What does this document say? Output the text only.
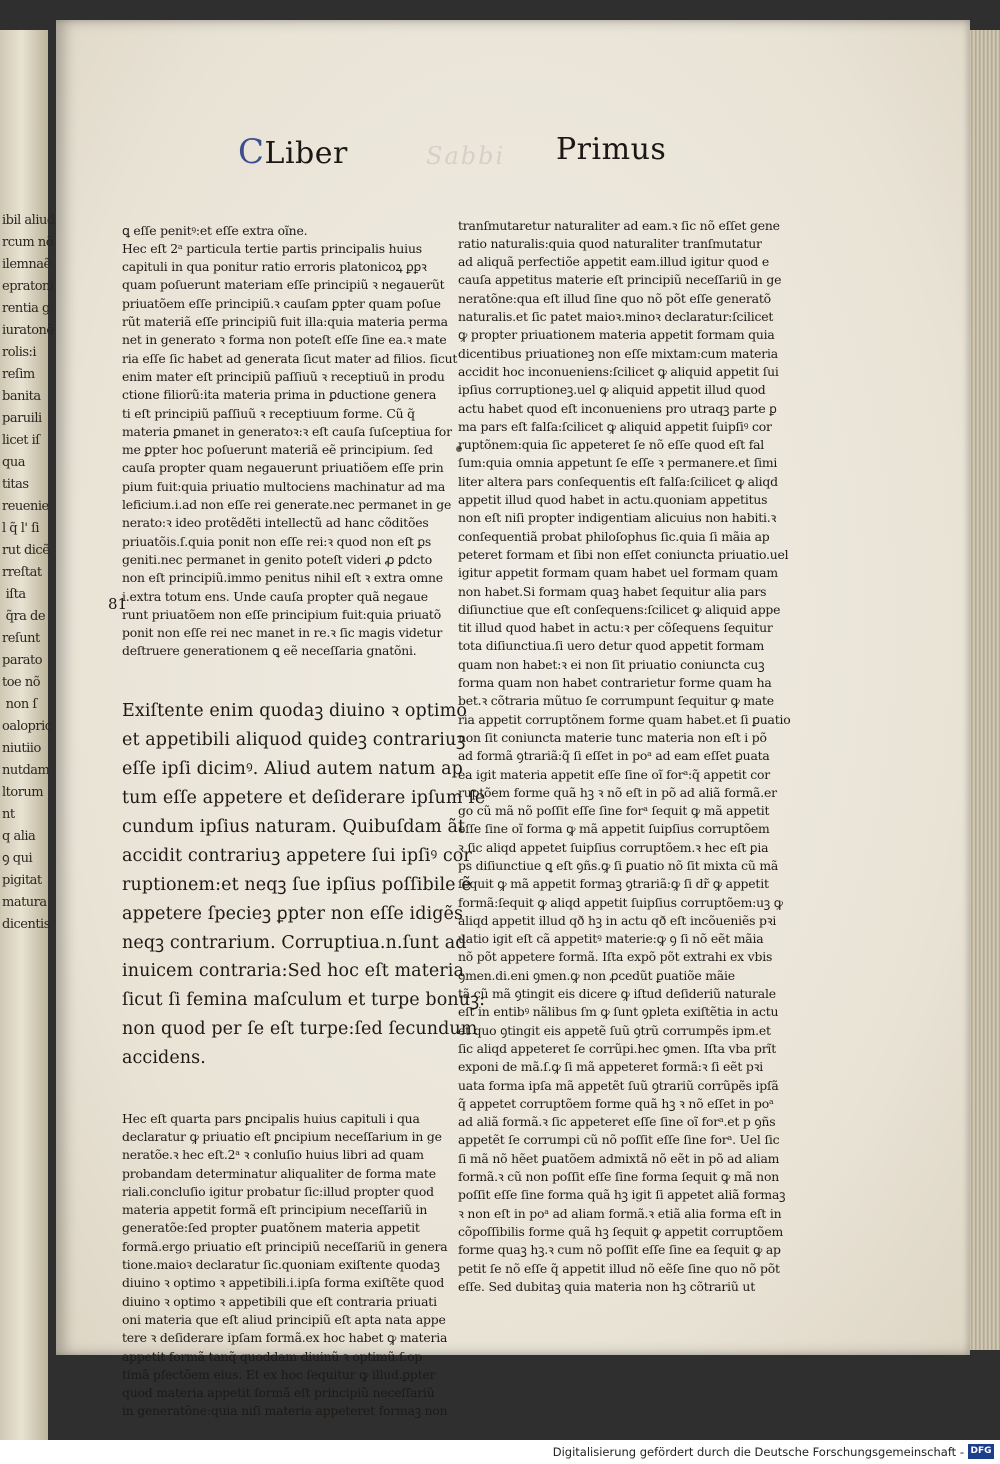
ibil aliud
rcum nõ
ilemnaẽ
epratoni
rentia g
iuratonẽ
rolis:i
reſim
banita
paruili
licet iſ
qua
titas
reuenie
l q̃ l' ſi
rut dicẽ
rreſtat
iſta
q̃ra de
reſunt
parato
toe nõ
non ſ
oalopric
niutiio
nutdam
ltorum
nt
q alia
ꝯ qui
pigitat
matura
dicentis
CLiber	Sabbi Primus
81

ꝗ eſſe penitꝰ:et eſſe extra oĩne.
Hec eſt 2ᵃ particula tertie partis principalis huius
capituli in qua ponitur ratio erroris platonicoꝝ ꝑꝑꝛ
quam poſuerunt materiam eſſe principiũ ꝛ negauerũt
priuatõem eſſe principiũ.ꝛ cauſam ꝑpter quam poſue
rũt materiã eſſe principiũ fuit illa:quia materia perma
net in generato ꝛ forma non poteſt eſſe ſine ea.ꝛ mate
ria eſſe ſic habet ad generata ſicut mater ad filios. ſicut
enim mater eſt principiũ paſſiuũ ꝛ receptiuũ in produ
ctione filiorũ:ita materia prima in ꝑductione genera
ti eſt principiũ paſſiuũ ꝛ receptiuum forme. Cũ q̃
materia ꝑmanet in generatoꝛ:ꝛ eſt cauſa ſuſceptiua for
me ꝑpter hoc poſuerunt materiã eẽ principium. ſed
cauſa propter quam negauerunt priuatiõem eſſe prin
pium fuit:quia priuatio multociens machinatur ad ma
leficium.i.ad non eſſe rei generate.nec permanet in ge
nerato:ꝛ ideo protẽdẽti intellectũ ad hanc cõditões
priuatõis.ſ.quia ponit non eſſe rei:ꝛ quod non eſt ꝑs
geniti.nec permanet in genito poteſt videri ꝓ ꝑdcto
non eſt principiũ.immo penitus nihil eſt ꝛ extra omne
i.extra totum ens. Unde cauſa propter quã negaue
runt priuatõem non eſſe principium fuit:quia priuatõ
ponit non eſſe rei nec manet in re.ꝛ ſic magis videtur
deſtruere generationem ꝗ eẽ neceſſaria gnatõni.

Exiſtente enim quodaꝫ diuino ꝛ optimo
et appetibili aliquod quideꝫ contrariuꝫ
eſſe ipſi dicimꝰ. Aliud autem natum ap
tum eſſe appetere et deſiderare ipſum ſe
cundum ipſius naturam. Quibuſdam ãt
accidit contrariuꝫ appetere ſui ipſiꝰ cor
ruptionem:et neqꝫ ſue ipſius poſſibile ẽ
appetere ſpecieꝫ ꝑpter non eſſe idigẽs
neqꝫ contrarium. Corruptiua.n.ſunt ad
inuicem contraria:Sed hoc eſt materia
ſicut ſi femina maſculum et turpe bonuꝫ:
non quod per ſe eſt turpe:ſed ſecundum
accidens.

Hec eſt quarta pars ꝑncipalis huius capituli i qua
declaratur ꝙ priuatio eſt ꝑncipium neceſſarium in ge
neratõe.ꝛ hec eſt.2ᵃ ꝛ conluſio huius libri ad quam
probandam determinatur aliqualiter de forma mate
riali.concluſio igitur probatur ſic:illud propter quod
materia appetit formã eſt principium neceſſariũ in
generatõe:ſed propter ꝑuatõnem materia appetit
formã.ergo priuatio eſt principiũ neceſſariũ in genera
tione.maioꝛ declaratur ſic.quoniam exiſtente quodaꝫ
diuino ꝛ optimo ꝛ appetibili.i.ipſa forma exiſtẽte quod
diuino ꝛ optimo ꝛ appetibili que eſt contraria priuati
oni materia que eſt aliud principiũ eſt apta nata appe
tere ꝛ deſiderare ipſam formã.ex hoc habet ꝙ materia
appetit formã tanq̃ quoddam diuinũ ꝛ optimũ.ſ.op
timã pfectõem eius. Et ex hoc ſequitur ꝙ illud.ꝑpter
quod materia appetit formã eſt principiũ neceſſariũ
in generatõne:quia niſi materia appeteret formaꝫ non

tranſmutaretur naturaliter ad eam.ꝛ ſic nõ eſſet gene
ratio naturalis:quia quod naturaliter tranſmutatur
ad aliquã perfectiõe appetit eam.illud igitur quod e
cauſa appetitus materie eſt principiũ neceſſariũ in ge
neratõne:qua eſt illud ſine quo nõ põt eſſe generatõ
naturalis.et ſic patet maioꝛ.minoꝛ declaratur:ſcilicet
ꝙ propter priuationem materia appetit formam quia
dicentibus priuationeꝫ non eſſe mixtam:cum materia
accidit hoc inconueniens:ſcilicet ꝙ aliquid appetit ſui
ipſius corruptioneꝫ.uel ꝙ aliquid appetit illud quod
actu habet quod eſt inconueniens pro utraqꝫ parte ꝑ
ma pars eſt falſa:ſcilicet ꝙ aliquid appetit ſuipſiꝰ cor
ruptõnem:quia ſic appeteret ſe nõ eſſe quod eſt fal
ſum:quia omnia appetunt ſe eſſe ꝛ permanere.et ſimi
liter altera pars conſequentis eſt falſa:ſcilicet ꝙ aliqd
appetit illud quod habet in actu.quoniam appetitus
non eſt niſi propter indigentiam alicuius non habiti.ꝛ
conſequentiã probat philoſophus ſic.quia ſi mãia ap
peteret formam et ſibi non eſſet coniuncta priuatio.uel
igitur appetit formam quam habet uel formam quam
non habet.Si formam quaꝫ habet ſequitur alia pars
diſiunctiue que eſt conſequens:ſcilicet ꝙ aliquid appe
tit illud quod habet in actu:ꝛ per cõſequens ſequitur
tota diſiunctiua.ſi uero detur quod appetit formam
quam non habet:ꝛ ei non ſit priuatio coniuncta cuꝫ
forma quam non habet contrarietur forme quam ha
bet.ꝛ cõtraria mũtuo ſe corrumpunt ſequitur ꝙ mate
ria appetit corruptõnem forme quam habet.et ſi ꝑuatio
non ſit coniuncta materie tunc materia non eſt i põ
ad formã ꝯtrariã:q̃ ſi eſſet in poᵃ ad eam eſſet ꝑuata
ea igit materia appetit eſſe ſine oĩ forᵃ:q̃ appetit cor
ruptõem forme quã hꝫ ꝛ nõ eſt in põ ad aliã formã.er
go cũ mã nõ poſſit eſſe ſine forᵃ ſequit ꝙ mã appetit
eſſe ſine oĩ forma ꝙ mã appetit ſuipſius corruptõem
ꝛ ſic aliqd appetet ſuipſius corruptõem.ꝛ hec eſt ꝑia
ps diſiunctiue ꝗ eſt ꝯñs.ꝙ ſi ꝑuatio nõ ſit mixta cũ mã
ſequit ꝙ mã appetit formaꝫ ꝯtrariã:ꝙ ſi dr̃ ꝙ appetit
formã:ſequit ꝙ aliqd appetit ſuipſius corruptõem:uꝫ ꝙ
aliqd appetit illud qð hꝫ in actu qð eſt incõueniẽs pꝛi
uatio igit eſt cã appetitꝰ materie:ꝙ ꝯ ſi nõ eẽt mãia
nõ põt appetere formã. Iſta expõ põt extrahi ex vbis
ꝯmen.di.eni ꝯmen.ꝙ non ꝓcedũt ꝑuatiõe mãie
tã cũ mã ꝯtingit eis dicere ꝙ iſtud deſideriũ naturale
eſt in entibꝰ nãlibus ſm ꝙ ſunt ꝯpleta exiſtẽtia in actu
et quo ꝯtingit eis appetẽ ſuũ ꝯtrũ corrumpẽs ipm.et
ſic aliqd appeteret ſe corrũpi.hec ꝯmen. Iſta vba prĩt
exponi de mã.ſ.ꝙ ſi mã appeteret formã:ꝛ ſi eẽt pꝛi
uata forma ipſa mã appetẽt ſuũ ꝯtrariũ corrũpẽs ipſã
q̃ appetet corruptõem forme quã hꝫ ꝛ nõ eſſet in poᵃ
ad aliã formã.ꝛ ſic appeteret eſſe ſine oĩ forᵃ.et p ꝯñs
appetẽt ſe corrumpi cũ nõ poſſit eſſe ſine forᵃ. Uel ſic
ſi mã nõ hẽet ꝑuatõem admixtã nõ eẽt in põ ad aliam
formã.ꝛ cũ non poſſit eſſe ſine forma ſequit ꝙ mã non
poſſit eſſe ſine forma quã hꝫ igit ſi appetet aliã formaꝫ
ꝛ non eſt in poᵃ ad aliam formã.ꝛ etiã alia forma eſt in
cõpoſſibilis forme quã hꝫ ſequit ꝙ appetit corruptõem
forme quaꝫ hꝫ.ꝛ cum nõ poſſit eſſe ſine ea ſequit ꝙ ap
petit ſe nõ eſſe q̃ appetit illud nõ eẽſe ſine quo nõ põt
eſſe. Sed dubitaꝫ quia materia non hꝫ cõtrariũ ut

Digitalisierung gefördert durch die Deutsche Forschungsgemeinschaft - DFG
